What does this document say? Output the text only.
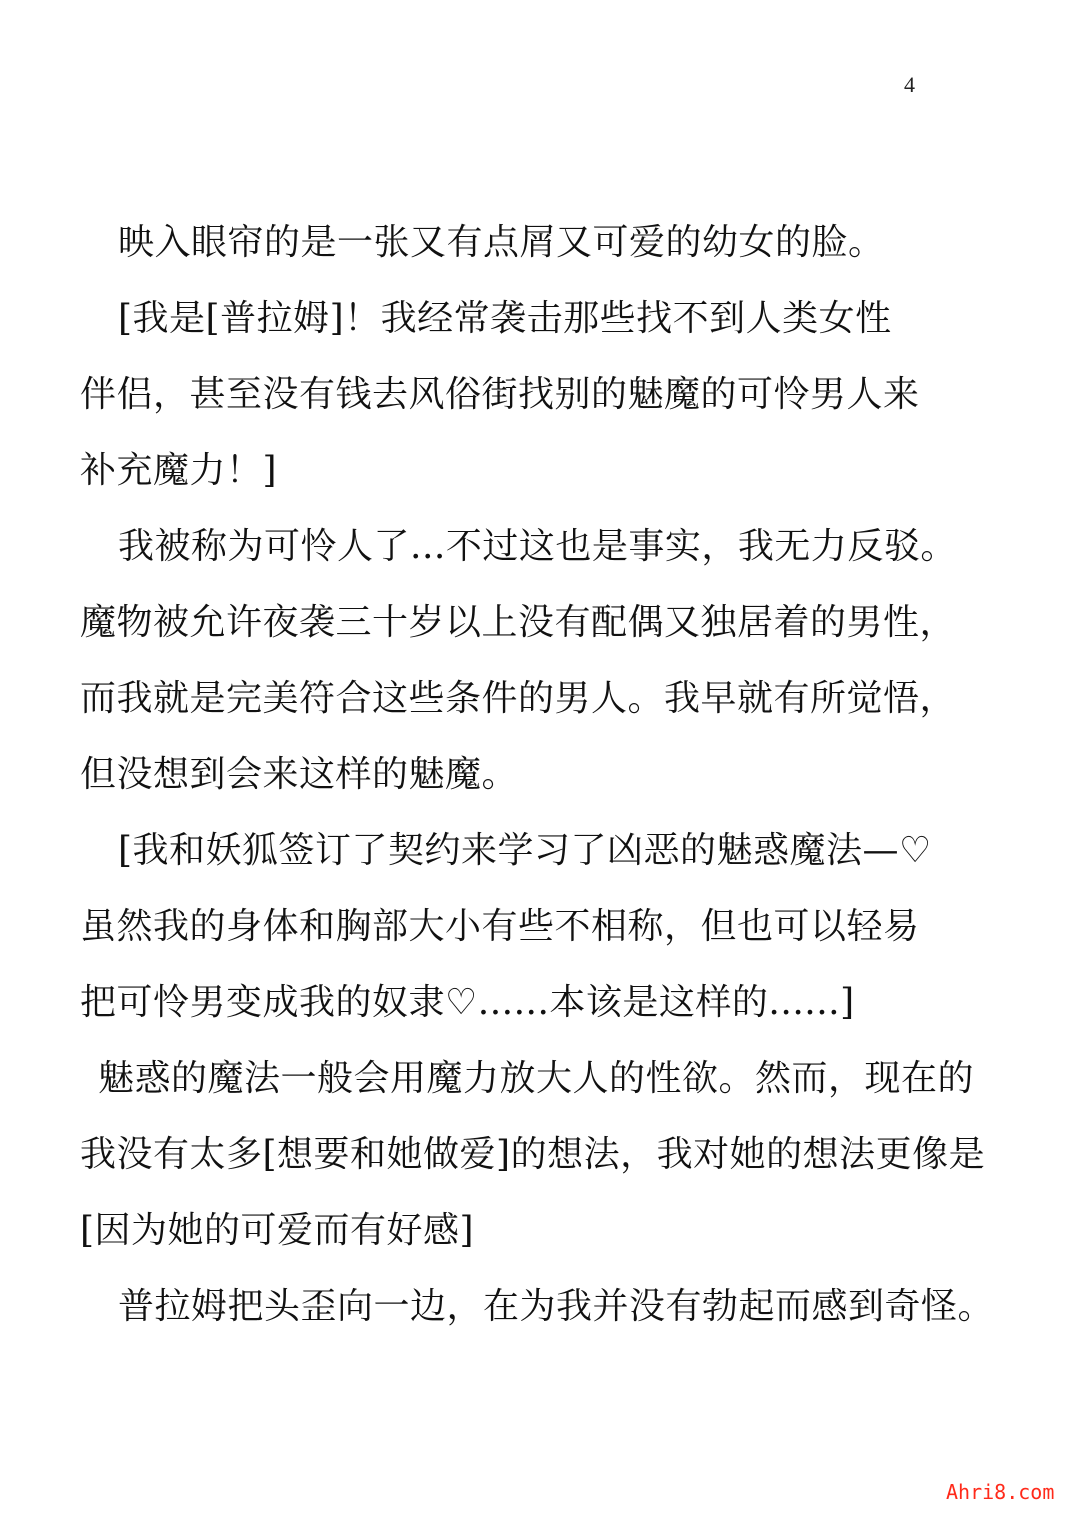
4
映入眼帘的是一张又有点屑又可爱的幼女的脸。
[我是[普拉姆]！我经常袭击那些找不到人类女性
伴侣，甚至没有钱去风俗街找别的魅魔的可怜男人来
补充魔力！]
我被称为可怜人了...不过这也是事实，我无力反驳。
魔物被允许夜袭三十岁以上没有配偶又独居着的男性，
而我就是完美符合这些条件的男人。我早就有所觉悟，
但没想到会来这样的魅魔。
[我和妖狐签订了契约来学习了凶恶的魅惑魔法—♡
虽然我的身体和胸部大小有些不相称，但也可以轻易
把可怜男变成我的奴隶♡......本该是这样的......]
魅惑的魔法一般会用魔力放大人的性欲。然而，现在的
我没有太多[想要和她做爱]的想法，我对她的想法更像是
[因为她的可爱而有好感]
普拉姆把头歪向一边，在为我并没有勃起而感到奇怪。
Ahri8.com
